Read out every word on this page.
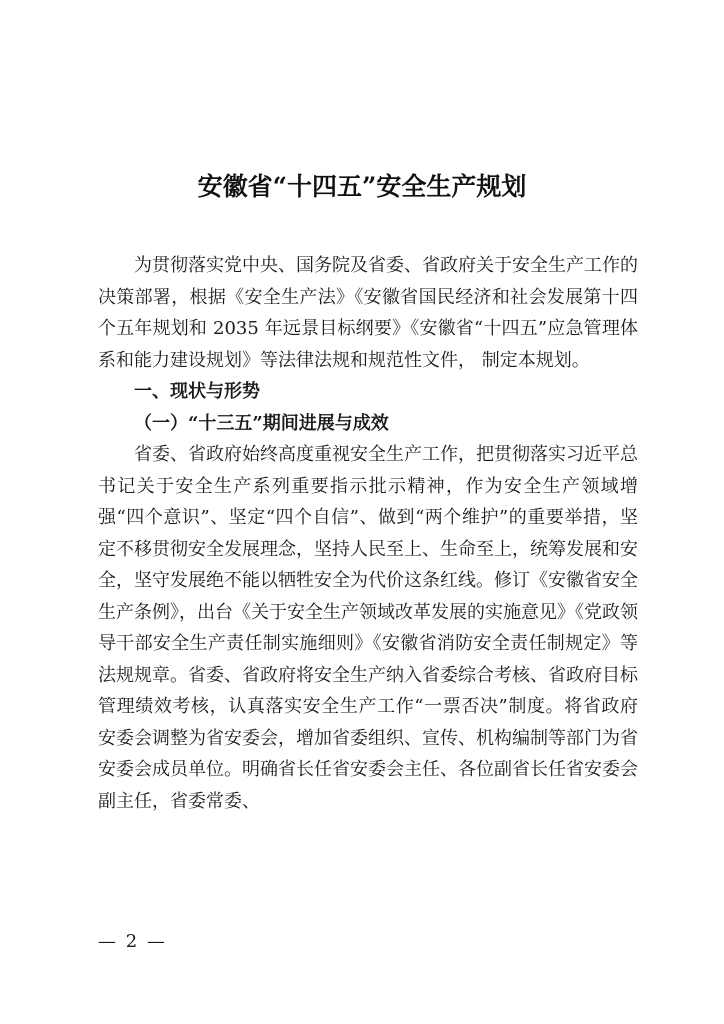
安徽省“十四五”安全生产规划

为贯彻落实党中央、国务院及省委、省政府关于安全生产工作的决策部署，根据《安全生产法》《安徽省国民经济和社会发展第十四个五年规划和 2035 年远景目标纲要》《安徽省“十四五”应急管理体系和能力建设规划》等法律法规和规范性文件， 制定本规划。

一、现状与形势

（一）“十三五”期间进展与成效

省委、省政府始终高度重视安全生产工作，把贯彻落实习近平总书记关于安全生产系列重要指示批示精神，作为安全生产领域增强“四个意识”、坚定“四个自信”、做到“两个维护”的重要举措，坚定不移贯彻安全发展理念，坚持人民至上、生命至上，统筹发展和安全，坚守发展绝不能以牺牲安全为代价这条红线。修订《安徽省安全生产条例》，出台《关于安全生产领域改革发展的实施意见》《党政领导干部安全生产责任制实施细则》《安徽省消防安全责任制规定》等法规规章。省委、省政府将安全生产纳入省委综合考核、省政府目标管理绩效考核，认真落实安全生产工作“一票否决”制度。将省政府安委会调整为省安委会，增加省委组织、宣传、机构编制等部门为省安委会成员单位。明确省长任省安委会主任、各位副省长任省安委会副主任，省委常委、

— 2 —
